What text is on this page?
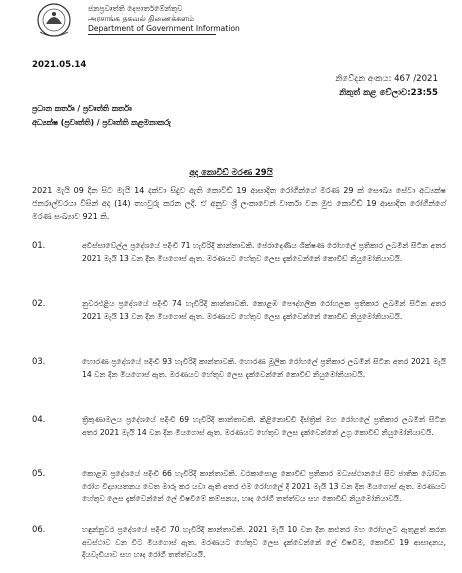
ජනප්‍රවෘත්ති දෙපාර්තමේන්තුව
அரசாங்க தகவல் திணைக்களம்
Department of Government Information
2021.05.14
නිවේදන අංකය: 467 /2021
නිකුත් කළ වේලාව:23:55
ප්‍රධාන කර්තෘ / ප්‍රවෘත්ති කර්තෘ
අධ්‍යක්ෂ (ප්‍රවෘත්ති) / ප්‍රවෘත්ති කළමනාකරු
අද කොවිඩ් මරණ 29යි
2021 මැයි 09 දින සිට මැයි 14 දක්වා සිදුව ඇති කොවිඩ් 19 ආසාදිත රෝගීන්ගේ මරණ 29 ක් සෞඛ්‍ය සේවා අධ්‍යක්ෂ ජනරාල්වරයා විසින් අද (14) තහවුරු කරන ලදී. ඒ අනුව ශ්‍රී ලංකාවෙන් වාර්තා වන මුළු කොවිඩ් 19 ආසාදිත රෝගීන්ගේ මරණ සංඛ්‍යාව 921 කි.
01.	අවිස්සාවේල්ල ප්‍රදේශයේ පදිංචි 71 හැවිරිදි කාන්තාවකි. පේරාදෙණිය ශික්ෂණ රෝහලේ ප්‍රතිකාර ලබමින් සිටින අතර 2021 මැයි 13 වන දින මියගොස් ඇත. මරණයට හේතුව ලෙස දැක්වෙන්නේ කොවිඩ් නියුමෝනියාවයි.
02.	නුවරඑළිය ප්‍රදේශයේ පදිංචි 74 හැවිරිදි කාන්තාවකි. කොළඹ පෞද්ගලික රෝහලක ප්‍රතිකාර ලබමින් සිටින අතර 2021 මැයි 13 වන දින මියගොස් ඇත. මරණයට හේතුව ලෙස දැක්වෙන්නේ කොවිඩ් නියුමෝනියාවයි.
03.	හොරණ ප්‍රදේශයේ පදිංචි 93 හැවිරිදි කාන්තාවකි. හොරණ මූලික රෝහලේ ප්‍රතිකාර ලබමින් සිටින අතර 2021 මැයි 14 වන දින මියගොස් ඇත. මරණයට හේතුව ලෙස දැක්වෙන්නේ කොවිඩ් නියුමෝනියාවයි.
04.	ත්‍රිකුණාමලය ප්‍රදේශයේ පදිංචි 69 හැවිරිදි කාන්තාවකි. කිළිනොච්චි දිස්ත්‍රික් මහ රෝහලේ ප්‍රතිකාර ලබමින් සිටින අතර 2021 මැයි 14 වන දින මියගොස් ඇත. මරණයට හේතුව ලෙස දැක්වෙන්නේ උග්‍ර කොවිඩ් නියුමෝනියාවයි.
05.	කොළඹ ප්‍රදේශයේ පදිංචි 66 හැවිරිදි කාන්තාවකි. වරකාපොළ කොවිඩ් ප්‍රතිකාර මධ්‍යස්ථානයේ සිට ජාතික බෝවන රෝග විද්‍යායතනය වෙත මාරු කර යවා ඇති අතර එම රෝහලේ දී 2021 මැයි 13 වන දින මියගොස් ඇත. මරණයට හේතුව ලෙස දැක්වෙන්නේ ලේ විෂවීමේ කම්පනය, හෘද රෝගී තත්ත්වය සහ කොවිඩ් නියුමෝනියාවයි.
06.	හඳුන්නුවර ප්‍රදේශයේ පදිංචි 70 හැවිරිදි කාන්තාවකි. 2021 මැයි 10 වන දින කළුතර මහ රෝහලට ඇතුළත් කරන අවස්ථාව වන විට මියගොස් ඇත. මරණයට හේතුව ලෙස දැක්වෙන්නේ ලේ විෂවීම, කොවිඩ් 19 ආසාදනය, දියවැඩියාව සහ හෘද රෝගී තත්ත්වයයි.
